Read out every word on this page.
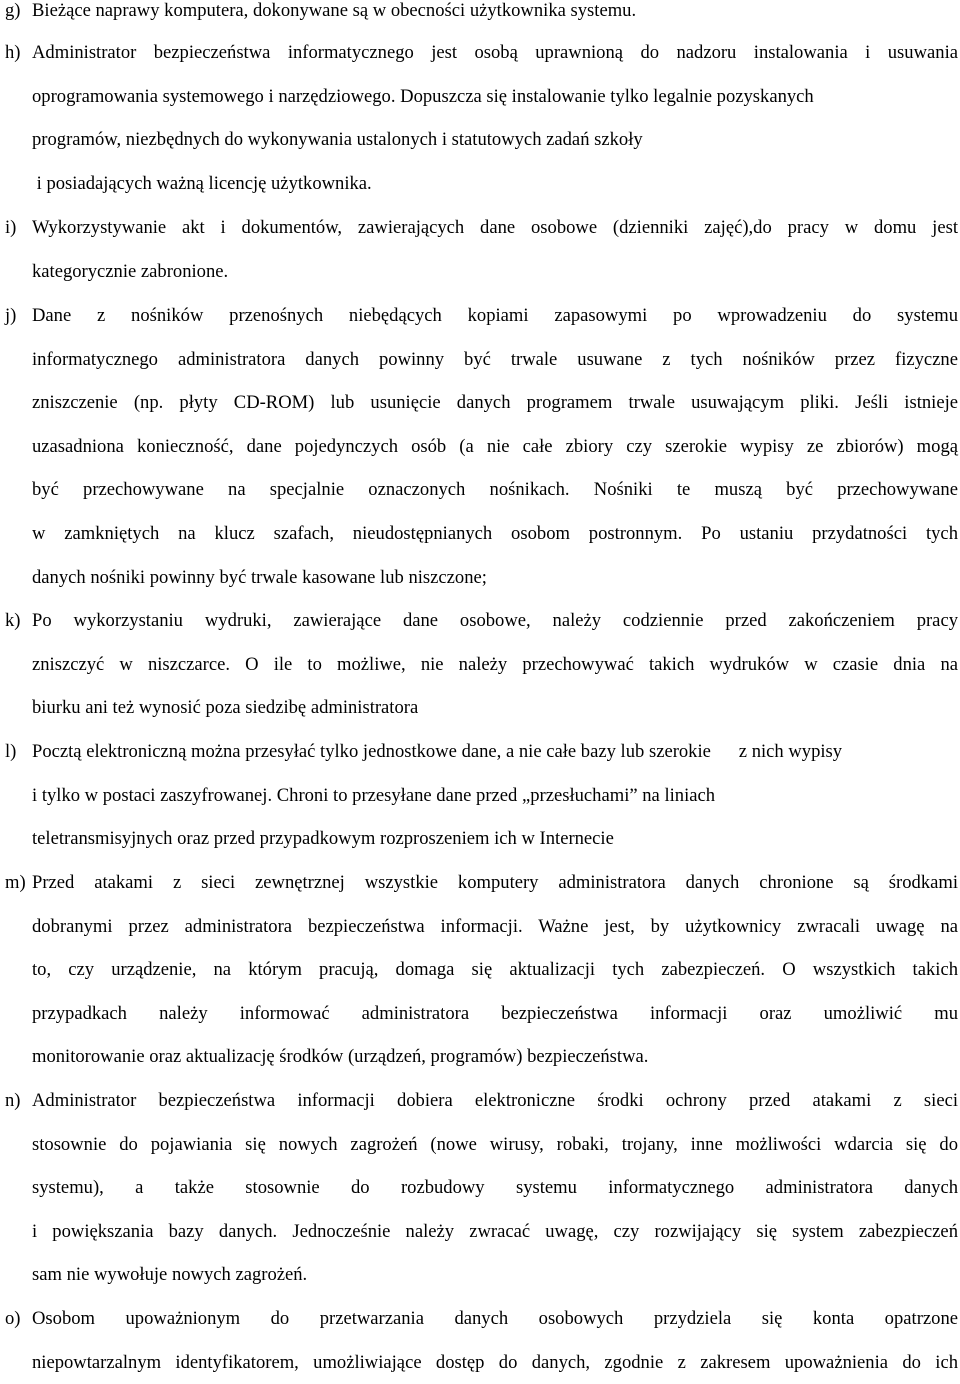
g) Bieżące naprawy komputera, dokonywane są w obecności użytkownika systemu.
h) Administrator bezpieczeństwa informatycznego jest osobą uprawnioną do nadzoru instalowania i usuwania
oprogramowania systemowego i narzędziowego. Dopuszcza się instalowanie tylko legalnie pozyskanych
programów, niezbędnych do wykonywania ustalonych i statutowych zadań szkoły
i posiadających ważną licencję użytkownika.
i) Wykorzystywanie akt i dokumentów, zawierających dane osobowe (dzienniki zajęć),do pracy w domu jest
kategorycznie zabronione.
j) Dane z nośników przenośnych niebędących kopiami zapasowymi po wprowadzeniu do systemu
informatycznego administratora danych powinny być trwale usuwane z tych nośników przez fizyczne
zniszczenie (np. płyty CD-ROM) lub usunięcie danych programem trwale usuwającym pliki. Jeśli istnieje
uzasadniona konieczność, dane pojedynczych osób (a nie całe zbiory czy szerokie wypisy ze zbiorów) mogą
być przechowywane na specjalnie oznaczonych nośnikach. Nośniki te muszą być przechowywane
w zamkniętych na klucz szafach, nieudostępnianych osobom postronnym. Po ustaniu przydatności tych
danych nośniki powinny być trwale kasowane lub niszczone;
k) Po wykorzystaniu wydruki, zawierające dane osobowe, należy codziennie przed zakończeniem pracy
zniszczyć w niszczarce. O ile to możliwe, nie należy przechowywać takich wydruków w czasie dnia na
biurku ani też wynosić poza siedzibę administratora
l) Pocztą elektroniczną można przesyłać tylko jednostkowe dane, a nie całe bazy lub szerokie      z nich wypisy
i tylko w postaci zaszyfrowanej. Chroni to przesyłane dane przed „przesłuchami” na liniach
teletransmisyjnych oraz przed przypadkowym rozproszeniem ich w Internecie
m) Przed atakami z sieci zewnętrznej wszystkie komputery administratora danych chronione są środkami
dobranymi przez administratora bezpieczeństwa informacji. Ważne jest, by użytkownicy zwracali uwagę na
to, czy urządzenie, na którym pracują, domaga się aktualizacji tych zabezpieczeń. O wszystkich takich
przypadkach należy informować administratora bezpieczeństwa informacji oraz umożliwić mu
monitorowanie oraz aktualizację środków (urządzeń, programów) bezpieczeństwa.
n) Administrator bezpieczeństwa informacji dobiera elektroniczne środki ochrony przed atakami z sieci
stosownie do pojawiania się nowych zagrożeń (nowe wirusy, robaki, trojany, inne możliwości wdarcia się do
systemu), a także stosownie do rozbudowy systemu informatycznego administratora danych
i powiększania bazy danych. Jednocześnie należy zwracać uwagę, czy rozwijający się system zabezpieczeń
sam nie wywołuje nowych zagrożeń.
o) Osobom upoważnionym do przetwarzania danych osobowych przydziela się konta opatrzone
niepowtarzalnym identyfikatorem, umożliwiające dostęp do danych, zgodnie z zakresem upoważnienia do ich
